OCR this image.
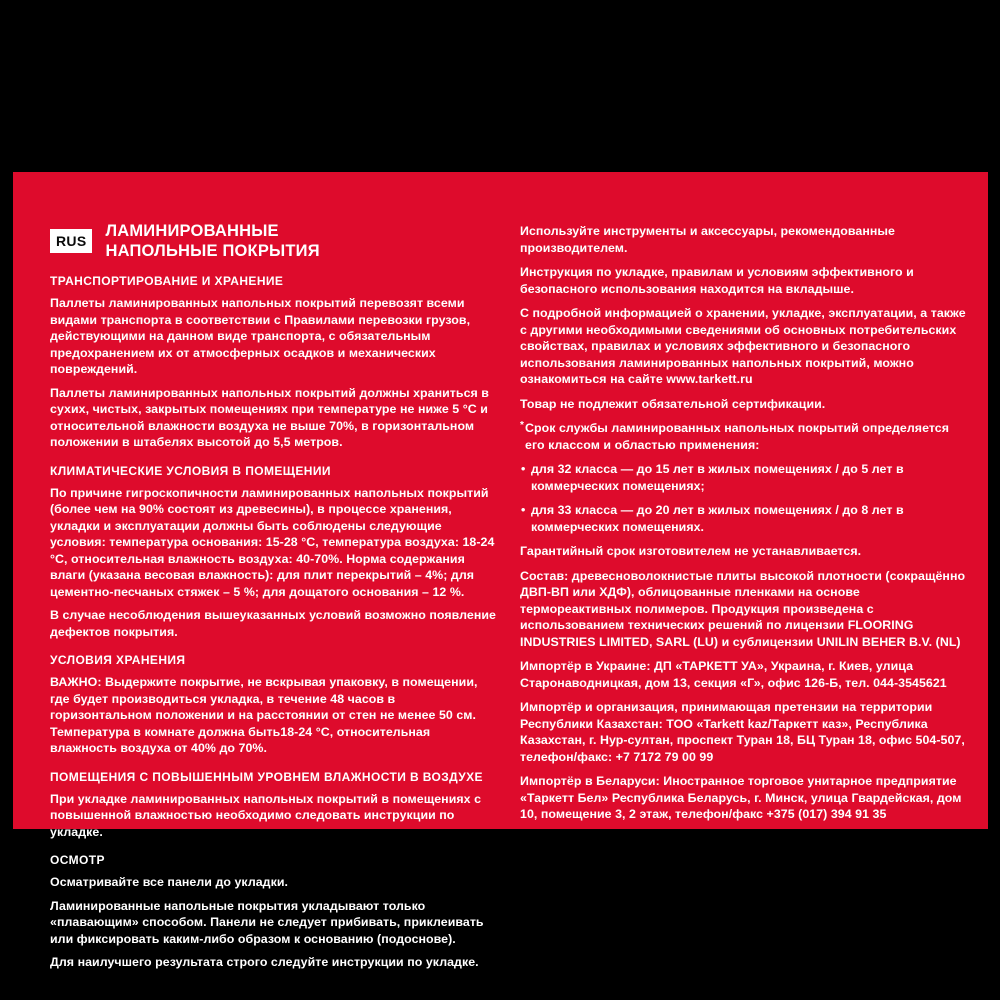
RUS
ЛАМИНИРОВАННЫЕ
НАПОЛЬНЫЕ ПОКРЫТИЯ
ТРАНСПОРТИРОВАНИЕ И ХРАНЕНИЕ

Паллеты ламинированных напольных покрытий перевозят всеми видами транспорта в соответствии с Правилами перевозки грузов, действующими на данном виде транспорта, с обязательным предохранением их от атмосферных осадков и механических повреждений.

Паллеты ламинированных напольных покрытий должны храниться в сухих, чистых, закрытых помещениях при температуре не ниже 5 °С и относительной влажности воздуха не выше 70%, в горизонтальном положении в штабелях высотой до 5,5 метров.

КЛИМАТИЧЕСКИЕ УСЛОВИЯ В ПОМЕЩЕНИИ

По причине гигроскопичности ламинированных напольных покрытий (более чем на 90% состоят из древесины), в процессе хранения, укладки и эксплуатации должны быть соблюдены следующие условия: температура основания: 15-28 °С, температура воздуха: 18-24 °С, относительная влажность воздуха: 40-70%. Норма содержания влаги (указана весовая влажность): для плит перекрытий – 4%; для цементно-песчаных стяжек – 5 %; для дощатого основания – 12 %.

В случае несоблюдения вышеуказанных условий возможно появление дефектов покрытия.

УСЛОВИЯ ХРАНЕНИЯ

ВАЖНО: Выдержите покрытие, не вскрывая упаковку, в помещении, где будет производиться укладка, в течение 48 часов в горизонтальном положении и на расстоянии от стен не менее 50 см. Температура в комнате должна быть18-24 °С, относительная влажность воздуха от 40% до 70%.

ПОМЕЩЕНИЯ С ПОВЫШЕННЫМ УРОВНЕМ ВЛАЖНОСТИ В ВОЗДУХЕ

При укладке ламинированных напольных покрытий в помещениях с повышенной влажностью необходимо следовать инструкции по укладке.

ОСМОТР

Осматривайте все панели до укладки.

Ламинированные напольные покрытия укладывают только «плавающим» способом. Панели не следует прибивать, приклеивать или фиксировать каким-либо образом к основанию (подоснове).

Для наилучшего результата строго следуйте инструкции по укладке.

Используйте инструменты и аксессуары, рекомендованные производителем.

Инструкция по укладке, правилам и условиям эффективного и безопасного использования находится на вкладыше.

С подробной информацией о хранении, укладке, эксплуатации, а также с другими необходимыми сведениями об основных потребительских свойствах, правилах и условиях эффективного и безопасного использования ламинированных напольных покрытий, можно ознакомиться на сайте www.tarkett.ru

Товар не подлежит обязательной сертификации.

* Срок службы ламинированных напольных покрытий определяется его классом и областью применения:

• для 32 класса — до 15 лет в жилых помещениях / до 5 лет в коммерческих помещениях;

• для 33 класса — до 20 лет в жилых помещениях / до 8 лет в коммерческих помещениях.

Гарантийный срок изготовителем не устанавливается.

Состав: древесноволокнистые плиты высокой плотности (сокращённо ДВП-ВП или ХДФ), облицованные пленками на основе термореактивных полимеров. Продукция произведена с использованием технических решений по лицензии FLOORING INDUSTRIES LIMITED, SARL (LU) и сублицензии UNILIN BEHER B.V. (NL)

Импортёр в Украине: ДП «ТАРКЕТТ УА», Украина, г. Киев, улица Старонаводницкая, дом 13, секция «Г», офис 126-Б, тел. 044-3545621

Импортёр и организация, принимающая претензии на территории Республики Казахстан: ТОО «Tarkett kaz/Таркетт каз», Республика Казахстан, г. Нур-султан, проспект Туран 18, БЦ Туран 18, офис 504-507, телефон/факс: +7 7172 79 00 99

Импортёр в Беларуси: Иностранное торговое унитарное предприятие «Таркетт Бел» Республика Беларусь, г. Минск, улица Гвардейская, дом 10, помещение 3, 2 этаж, телефон/факс +375 (017) 394 91 35
